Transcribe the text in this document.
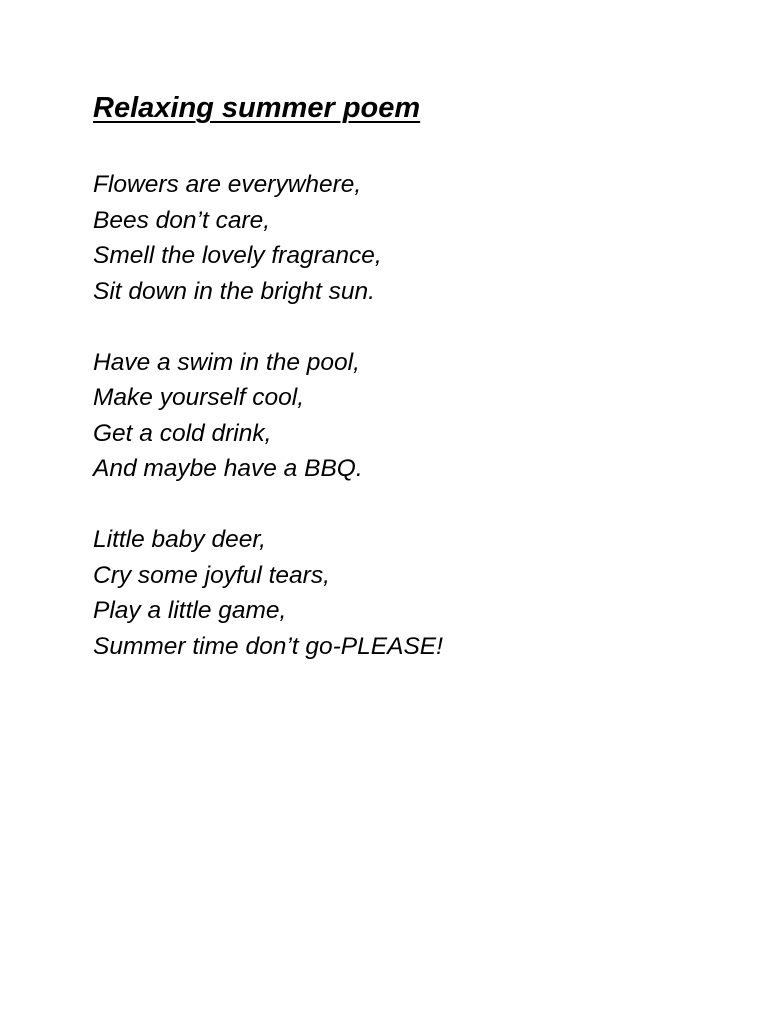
Relaxing summer poem
Flowers are everywhere,
Bees don’t care,
Smell the lovely fragrance,
Sit down in the bright sun.
Have a swim in the pool,
Make yourself cool,
Get a cold drink,
And maybe have a BBQ.
Little baby deer,
Cry some joyful tears,
Play a little game,
Summer time don’t go-PLEASE!
